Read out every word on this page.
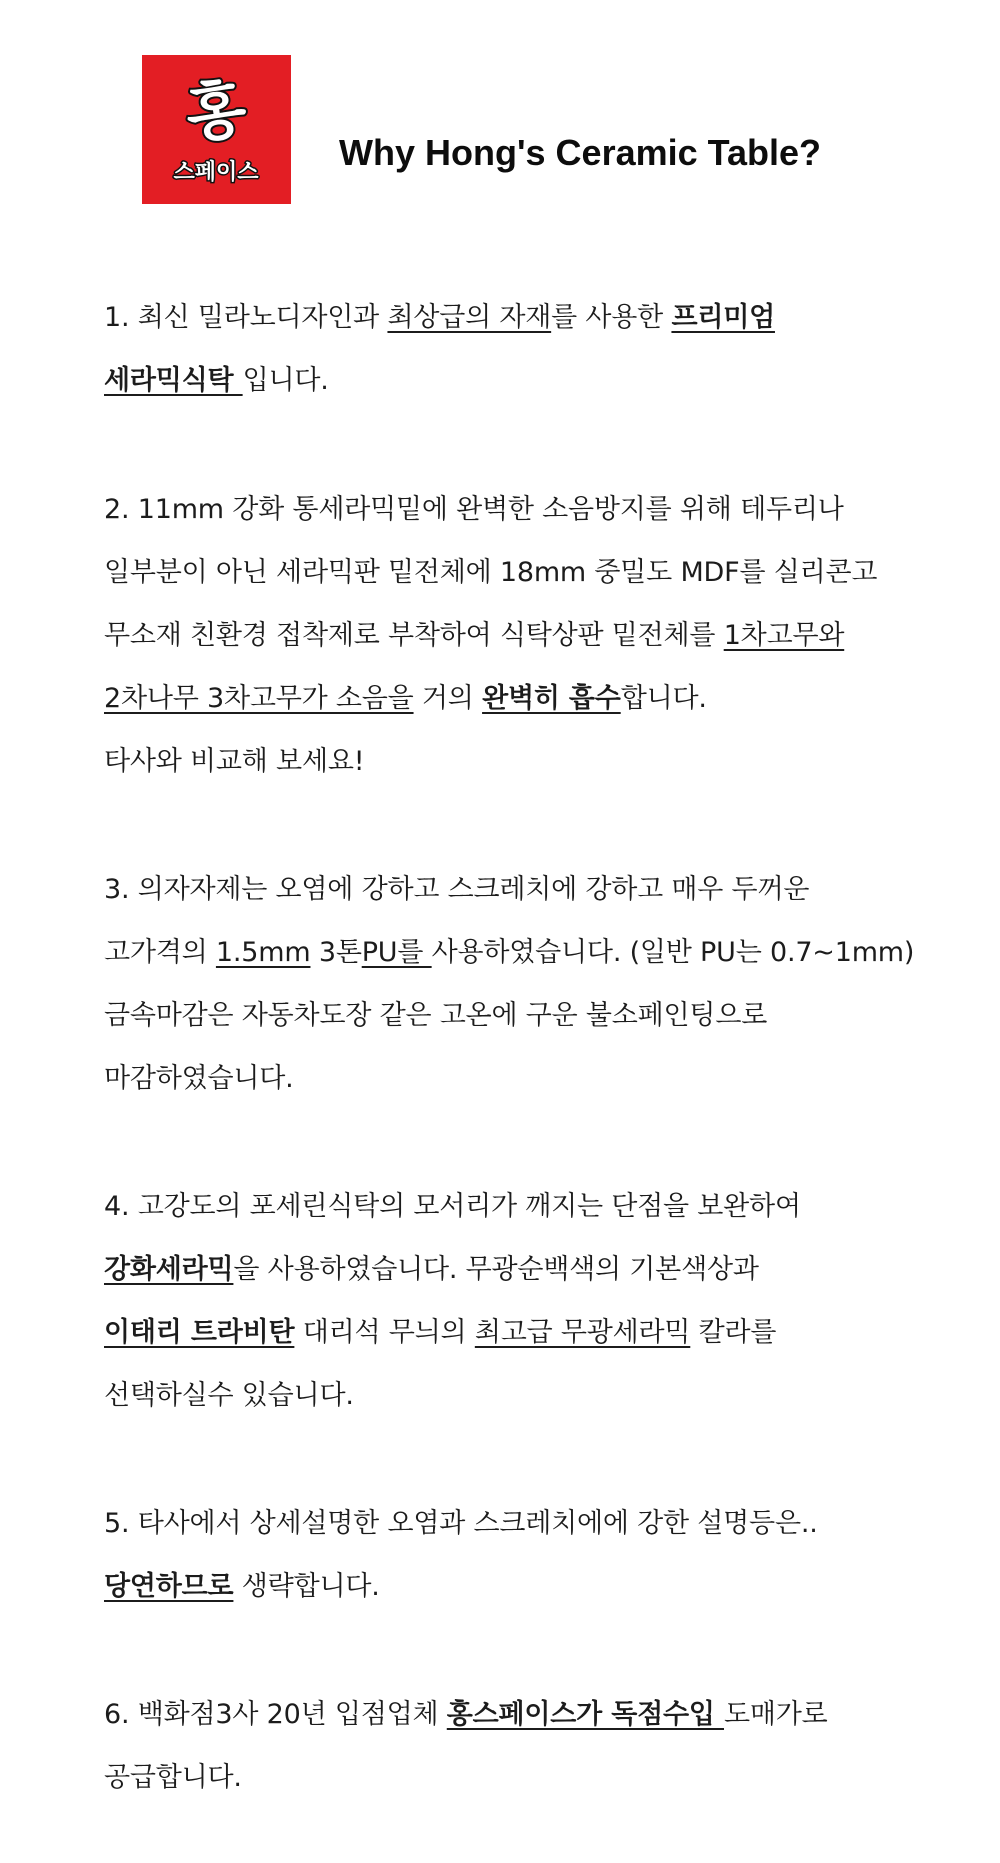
홍
스페이스 Why Hong's Ceramic Table?
1. 최신 밀라노디자인과 최상급의 자재를 사용한 프리미엄
세라믹식탁 입니다.
2. 11mm 강화 통세라믹밑에 완벽한 소음방지를 위해 테두리나
일부분이 아닌 세라믹판 밑전체에 18mm 중밀도 MDF를 실리콘고
무소재 친환경 접착제로 부착하여 식탁상판 밑전체를 1차고무와
2차나무 3차고무가 소음을 거의 완벽히 흡수합니다.
타사와 비교해 보세요!
3. 의자자제는 오염에 강하고 스크레치에 강하고 매우 두꺼운
고가격의 1.5mm 3톤PU를 사용하였습니다. (일반 PU는 0.7~1mm)
금속마감은 자동차도장 같은 고온에 구운 불소페인팅으로
마감하였습니다.
4. 고강도의 포세린식탁의 모서리가 깨지는 단점을 보완하여
강화세라믹을 사용하였습니다. 무광순백색의 기본색상과
이태리 트라비탄 대리석 무늬의 최고급 무광세라믹 칼라를
선택하실수 있습니다.
5. 타사에서 상세설명한 오염과 스크레치에에 강한 설명등은..
당연하므로 생략합니다.
6. 백화점3사 20년 입점업체 홍스페이스가 독점수입 도매가로
공급합니다.
